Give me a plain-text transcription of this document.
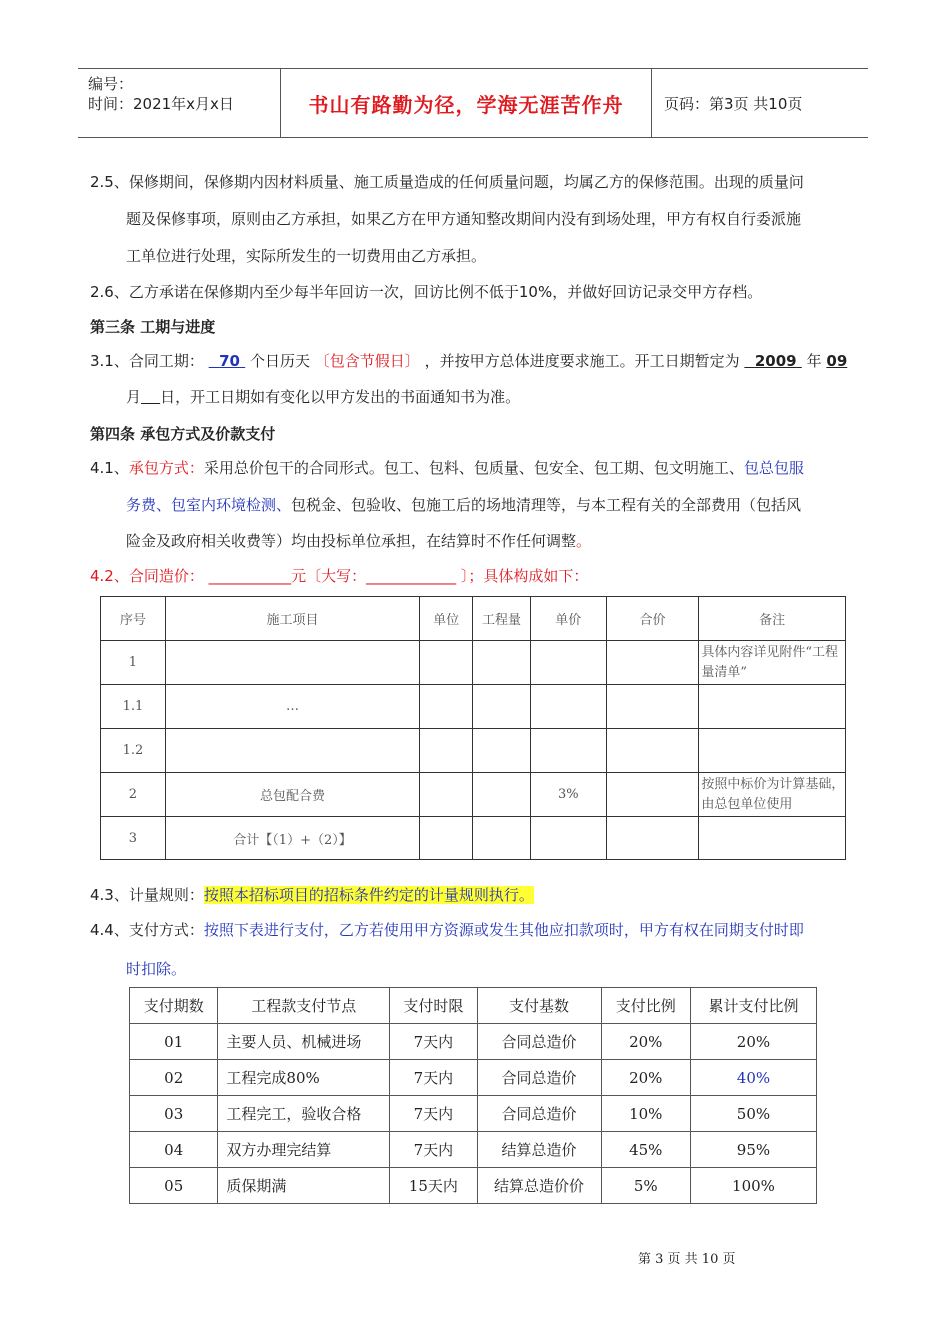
编号：
时间：2021年x月x日	书山有路勤为径，学海无涯苦作舟	页码：第3页 共10页
2.5、保修期间，保修期内因材料质量、施工质量造成的任何质量问题，均属乙方的保修范围。出现的质量问
题及保修事项，原则由乙方承担，如果乙方在甲方通知整改期间内没有到场处理，甲方有权自行委派施
工单位进行处理，实际所发生的一切费用由乙方承担。
2.6、乙方承诺在保修期内至少每半年回访一次，回访比例不低于10%，并做好回访记录交甲方存档。
第三条 工期与进度
3.1、合同工期： 70 个日历天 〔包含节假日〕 ，并按甲方总体进度要求施工。开工日期暂定为 2009 年 09
月 日，开工日期如有变化以甲方发出的书面通知书为准。
第四条 承包方式及价款支付
4.1、承包方式：采用总价包干的合同形式。包工、包料、包质量、包安全、包工期、包文明施工、包总包服
务费、包室内环境检测、包税金、包验收、包施工后的场地清理等，与本工程有关的全部费用（包括风
险金及政府相关收费等）均由投标单位承担，在结算时不作任何调整。
4.2、合同造价： ___________元〔大写：____________ 〕；具体构成如下：
序号	施工项目	单位	工程量	单价	合价	备注
1						具体内容详见附件“工程量清单”
1.1	…					
1.2						
2	总包配合费			3%		按照中标价为计算基础，由总包单位使用
3	合计【（1）+（2）】					
4.3、计量规则：按照本招标项目的招标条件约定的计量规则执行。
4.4、支付方式：按照下表进行支付，乙方若使用甲方资源或发生其他应扣款项时，甲方有权在同期支付时即
时扣除。
支付期数	工程款支付节点	支付时限	支付基数	支付比例	累计支付比例
01	主要人员、机械进场	7天内	合同总造价	20%	20%
02	工程完成80%	7天内	合同总造价	20%	40%
03	工程完工，验收合格	7天内	合同总造价	10%	50%
04	双方办理完结算	7天内	结算总造价	45%	95%
05	质保期满	15天内	结算总造价价	5%	100%
第 3 页 共 10 页
